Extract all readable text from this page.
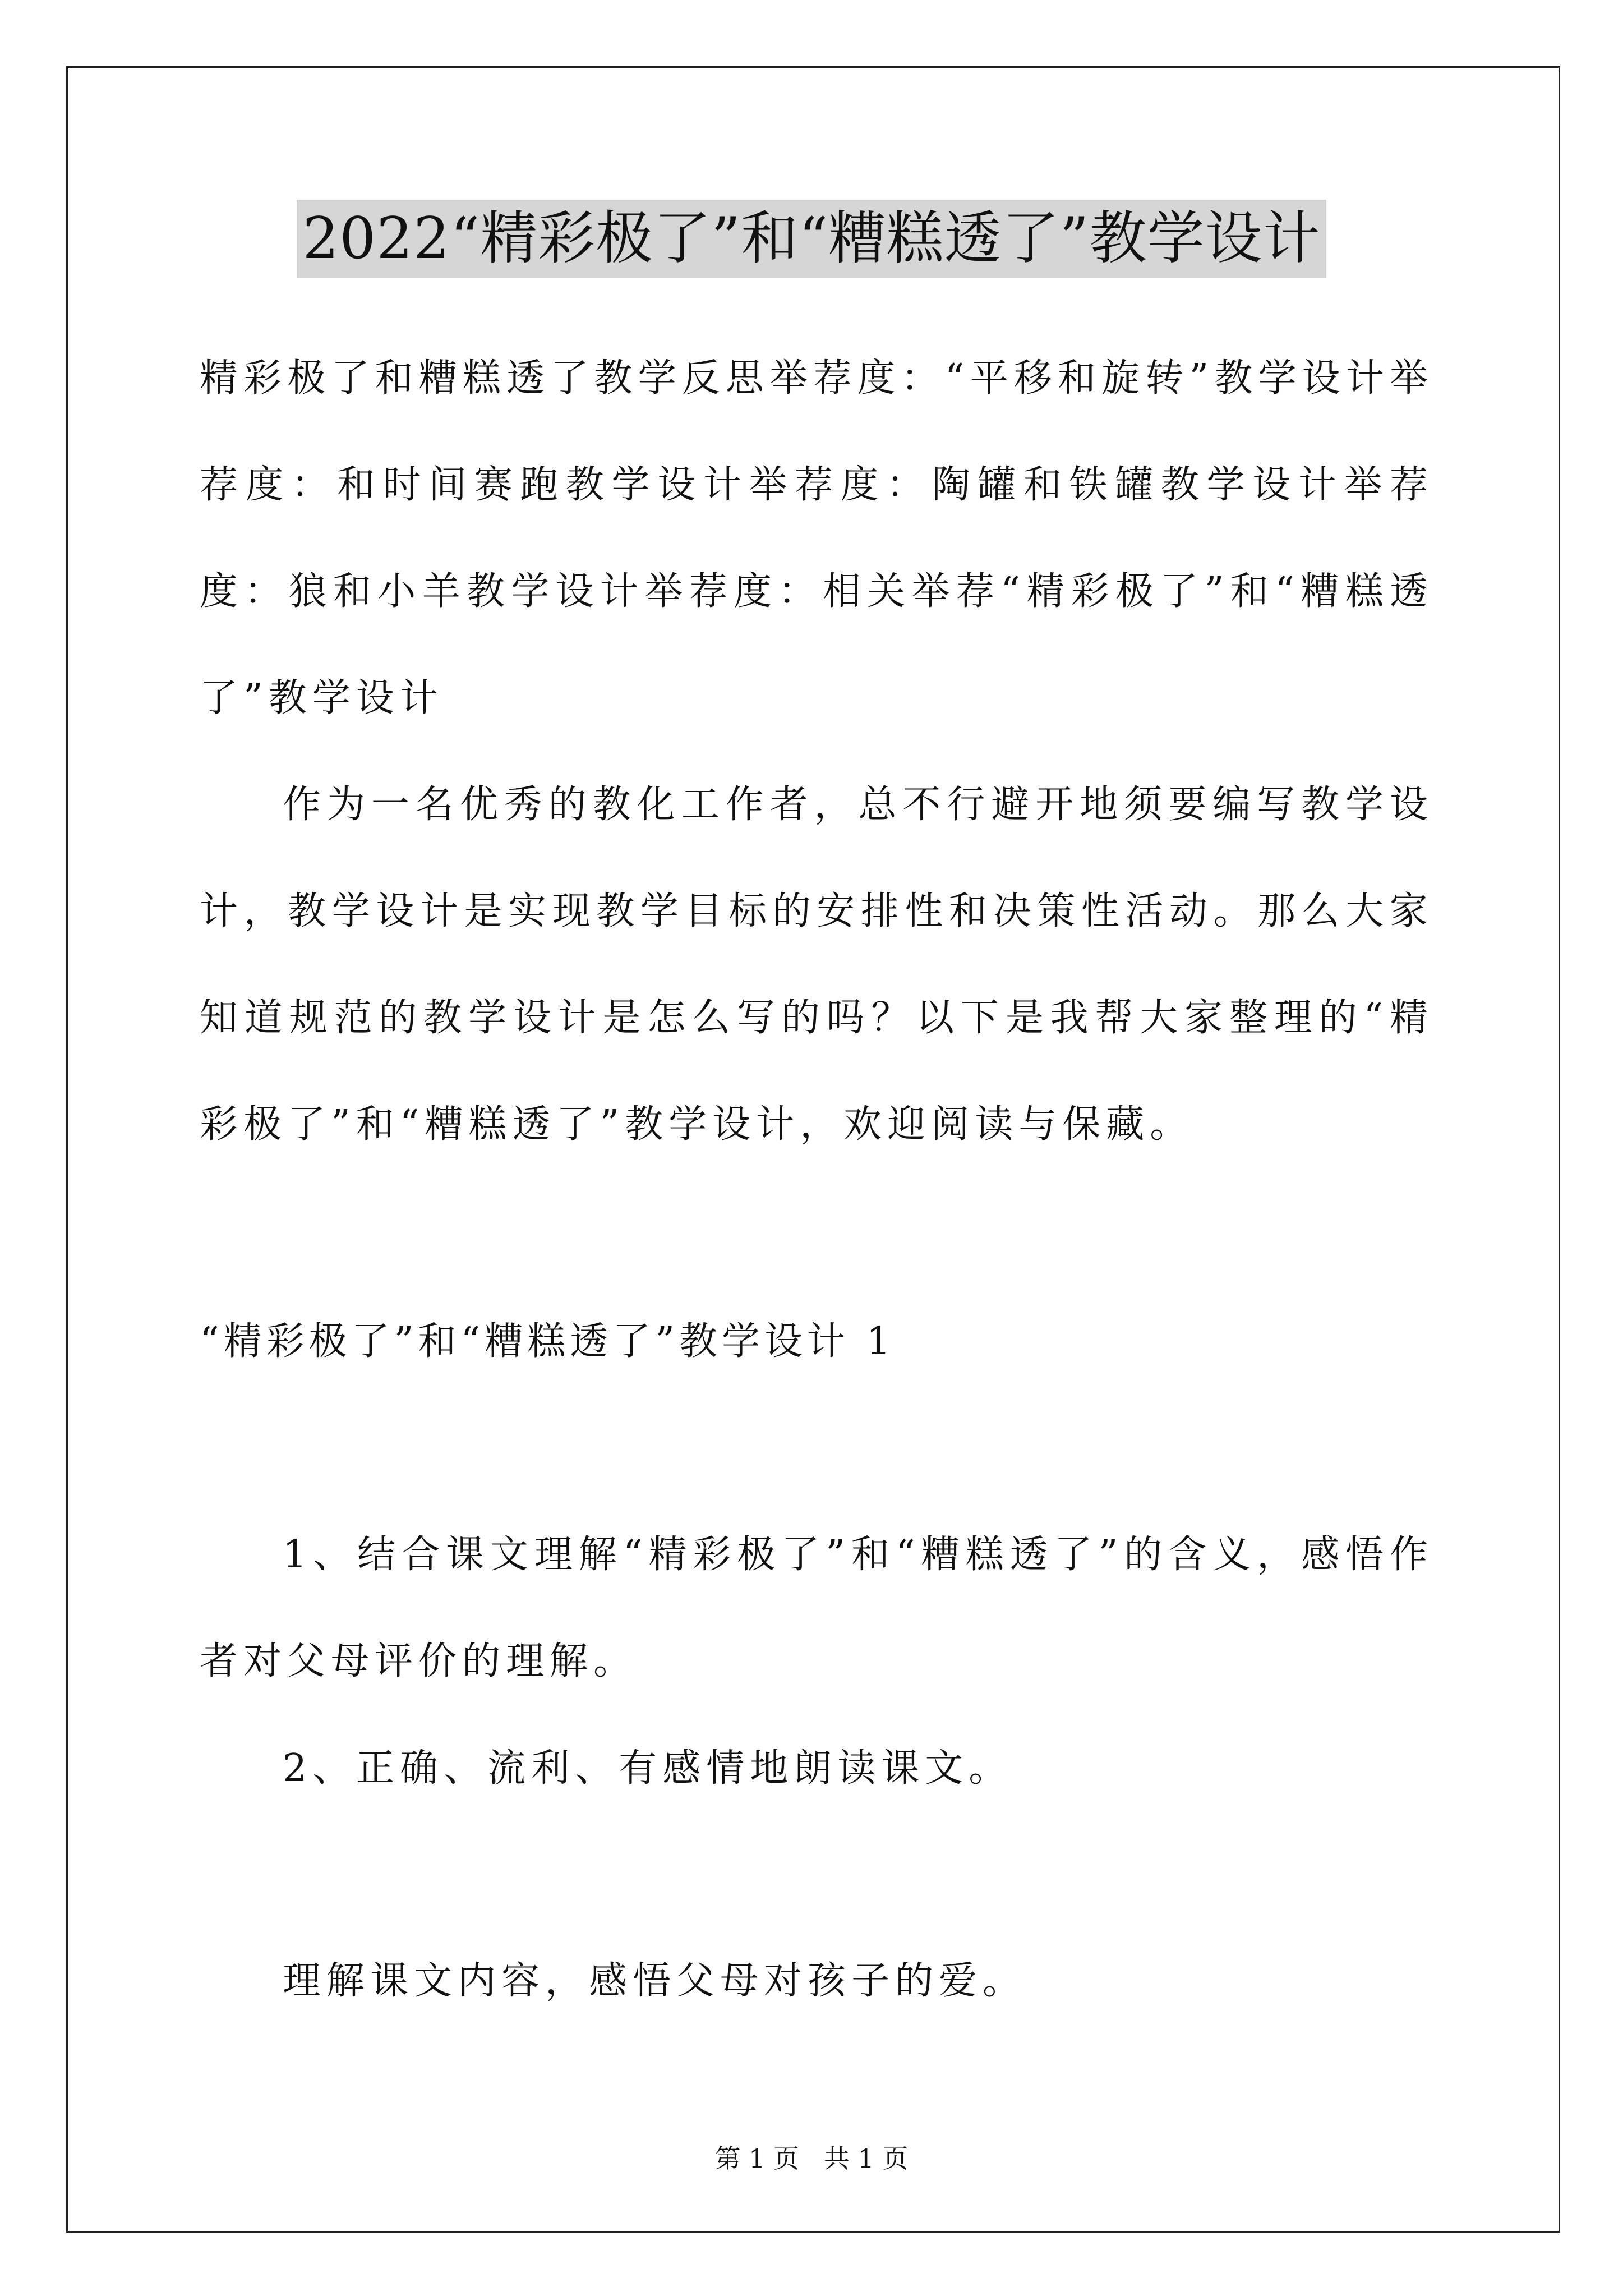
2022“精彩极了”和“糟糕透了”教学设计

精彩极了和糟糕透了教学反思举荐度：“平移和旋转”教学设计举荐度：和时间赛跑教学设计举荐度：陶罐和铁罐教学设计举荐度：狼和小羊教学设计举荐度：相关举荐“精彩极了”和“糟糕透了”教学设计

作为一名优秀的教化工作者，总不行避开地须要编写教学设计，教学设计是实现教学目标的安排性和决策性活动。那么大家知道规范的教学设计是怎么写的吗？以下是我帮大家整理的“精彩极了”和“糟糕透了”教学设计，欢迎阅读与保藏。

“精彩极了”和“糟糕透了”教学设计 1

1、结合课文理解“精彩极了”和“糟糕透了”的含义，感悟作者对父母评价的理解。

2、正确、流利、有感情地朗读课文。

理解课文内容，感悟父母对孩子的爱。

第 1 页   共 1 页
